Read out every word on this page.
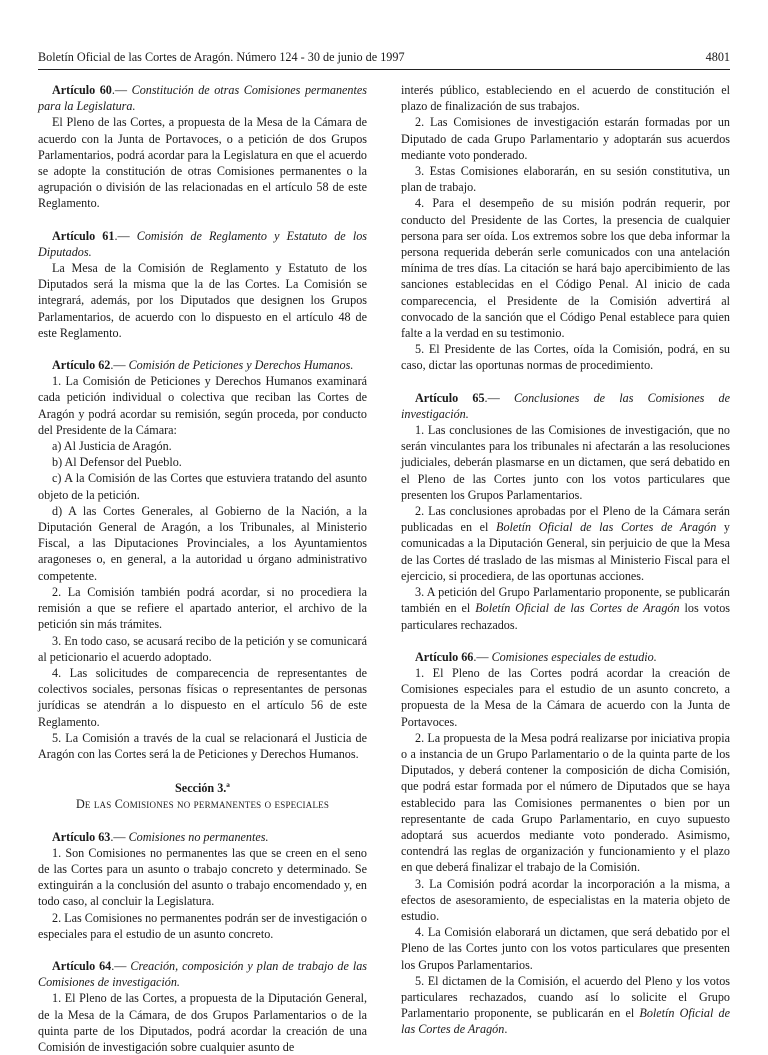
Boletín Oficial de las Cortes de Aragón. Número 124 - 30 de junio de 1997	4801

Artículo 60.— Constitución de otras Comisiones permanentes para la Legislatura.

El Pleno de las Cortes, a propuesta de la Mesa de la Cámara de acuerdo con la Junta de Portavoces, o a petición de dos Grupos Parlamentarios, podrá acordar para la Legislatura en que el acuerdo se adopte la constitución de otras Comisiones permanentes o la agrupación o división de las relacionadas en el artículo 58 de este Reglamento.

Artículo 61.— Comisión de Reglamento y Estatuto de los Diputados.

La Mesa de la Comisión de Reglamento y Estatuto de los Diputados será la misma que la de las Cortes. La Comisión se integrará, además, por los Diputados que designen los Grupos Parlamentarios, de acuerdo con lo dispuesto en el artículo 48 de este Reglamento.

Artículo 62.— Comisión de Peticiones y Derechos Humanos.

1. La Comisión de Peticiones y Derechos Humanos examinará cada petición individual o colectiva que reciban las Cortes de Aragón y podrá acordar su remisión, según proceda, por conducto del Presidente de la Cámara:

a) Al Justicia de Aragón.

b) Al Defensor del Pueblo.

c) A la Comisión de las Cortes que estuviera tratando del asunto objeto de la petición.

d) A las Cortes Generales, al Gobierno de la Nación, a la Diputación General de Aragón, a los Tribunales, al Ministerio Fiscal, a las Diputaciones Provinciales, a los Ayuntamientos aragoneses o, en general, a la autoridad u órgano administrativo competente.

2. La Comisión también podrá acordar, si no procediera la remisión a que se refiere el apartado anterior, el archivo de la petición sin más trámites.

3. En todo caso, se acusará recibo de la petición y se comunicará al peticionario el acuerdo adoptado.

4. Las solicitudes de comparecencia de representantes de colectivos sociales, personas físicas o representantes de personas jurídicas se atendrán a lo dispuesto en el artículo 56 de este Reglamento.

5. La Comisión a través de la cual se relacionará el Justicia de Aragón con las Cortes será la de Peticiones y Derechos Humanos.

Sección 3.ª

De las Comisiones no permanentes o especiales

Artículo 63.— Comisiones no permanentes.

1. Son Comisiones no permanentes las que se creen en el seno de las Cortes para un asunto o trabajo concreto y determinado. Se extinguirán a la conclusión del asunto o trabajo encomendado y, en todo caso, al concluir la Legislatura.

2. Las Comisiones no permanentes podrán ser de investigación o especiales para el estudio de un asunto concreto.

Artículo 64.— Creación, composición y plan de trabajo de las Comisiones de investigación.

1. El Pleno de las Cortes, a propuesta de la Diputación General, de la Mesa de la Cámara, de dos Grupos Parlamentarios o de la quinta parte de los Diputados, podrá acordar la creación de una Comisión de investigación sobre cualquier asunto de

interés público, estableciendo en el acuerdo de constitución el plazo de finalización de sus trabajos.

2. Las Comisiones de investigación estarán formadas por un Diputado de cada Grupo Parlamentario y adoptarán sus acuerdos mediante voto ponderado.

3. Estas Comisiones elaborarán, en su sesión constitutiva, un plan de trabajo.

4. Para el desempeño de su misión podrán requerir, por conducto del Presidente de las Cortes, la presencia de cualquier persona para ser oída. Los extremos sobre los que deba informar la persona requerida deberán serle comunicados con una antelación mínima de tres días. La citación se hará bajo apercibimiento de las sanciones establecidas en el Código Penal. Al inicio de cada comparecencia, el Presidente de la Comisión advertirá al convocado de la sanción que el Código Penal establece para quien falte a la verdad en su testimonio.

5. El Presidente de las Cortes, oída la Comisión, podrá, en su caso, dictar las oportunas normas de procedimiento.

Artículo 65.— Conclusiones de las Comisiones de investigación.

1. Las conclusiones de las Comisiones de investigación, que no serán vinculantes para los tribunales ni afectarán a las resoluciones judiciales, deberán plasmarse en un dictamen, que será debatido en el Pleno de las Cortes junto con los votos particulares que presenten los Grupos Parlamentarios.

2. Las conclusiones aprobadas por el Pleno de la Cámara serán publicadas en el Boletín Oficial de las Cortes de Aragón y comunicadas a la Diputación General, sin perjuicio de que la Mesa de las Cortes dé traslado de las mismas al Ministerio Fiscal para el ejercicio, si procediera, de las oportunas acciones.

3. A petición del Grupo Parlamentario proponente, se publicarán también en el Boletín Oficial de las Cortes de Aragón los votos particulares rechazados.

Artículo 66.— Comisiones especiales de estudio.

1. El Pleno de las Cortes podrá acordar la creación de Comisiones especiales para el estudio de un asunto concreto, a propuesta de la Mesa de la Cámara de acuerdo con la Junta de Portavoces.

2. La propuesta de la Mesa podrá realizarse por iniciativa propia o a instancia de un Grupo Parlamentario o de la quinta parte de los Diputados, y deberá contener la composición de dicha Comisión, que podrá estar formada por el número de Diputados que se haya establecido para las Comisiones permanentes o bien por un representante de cada Grupo Parlamentario, en cuyo supuesto adoptará sus acuerdos mediante voto ponderado. Asimismo, contendrá las reglas de organización y funcionamiento y el plazo en que deberá finalizar el trabajo de la Comisión.

3. La Comisión podrá acordar la incorporación a la misma, a efectos de asesoramiento, de especialistas en la materia objeto de estudio.

4. La Comisión elaborará un dictamen, que será debatido por el Pleno de las Cortes junto con los votos particulares que presenten los Grupos Parlamentarios.

5. El dictamen de la Comisión, el acuerdo del Pleno y los votos particulares rechazados, cuando así lo solicite el Grupo Parlamentario proponente, se publicarán en el Boletín Oficial de las Cortes de Aragón.
